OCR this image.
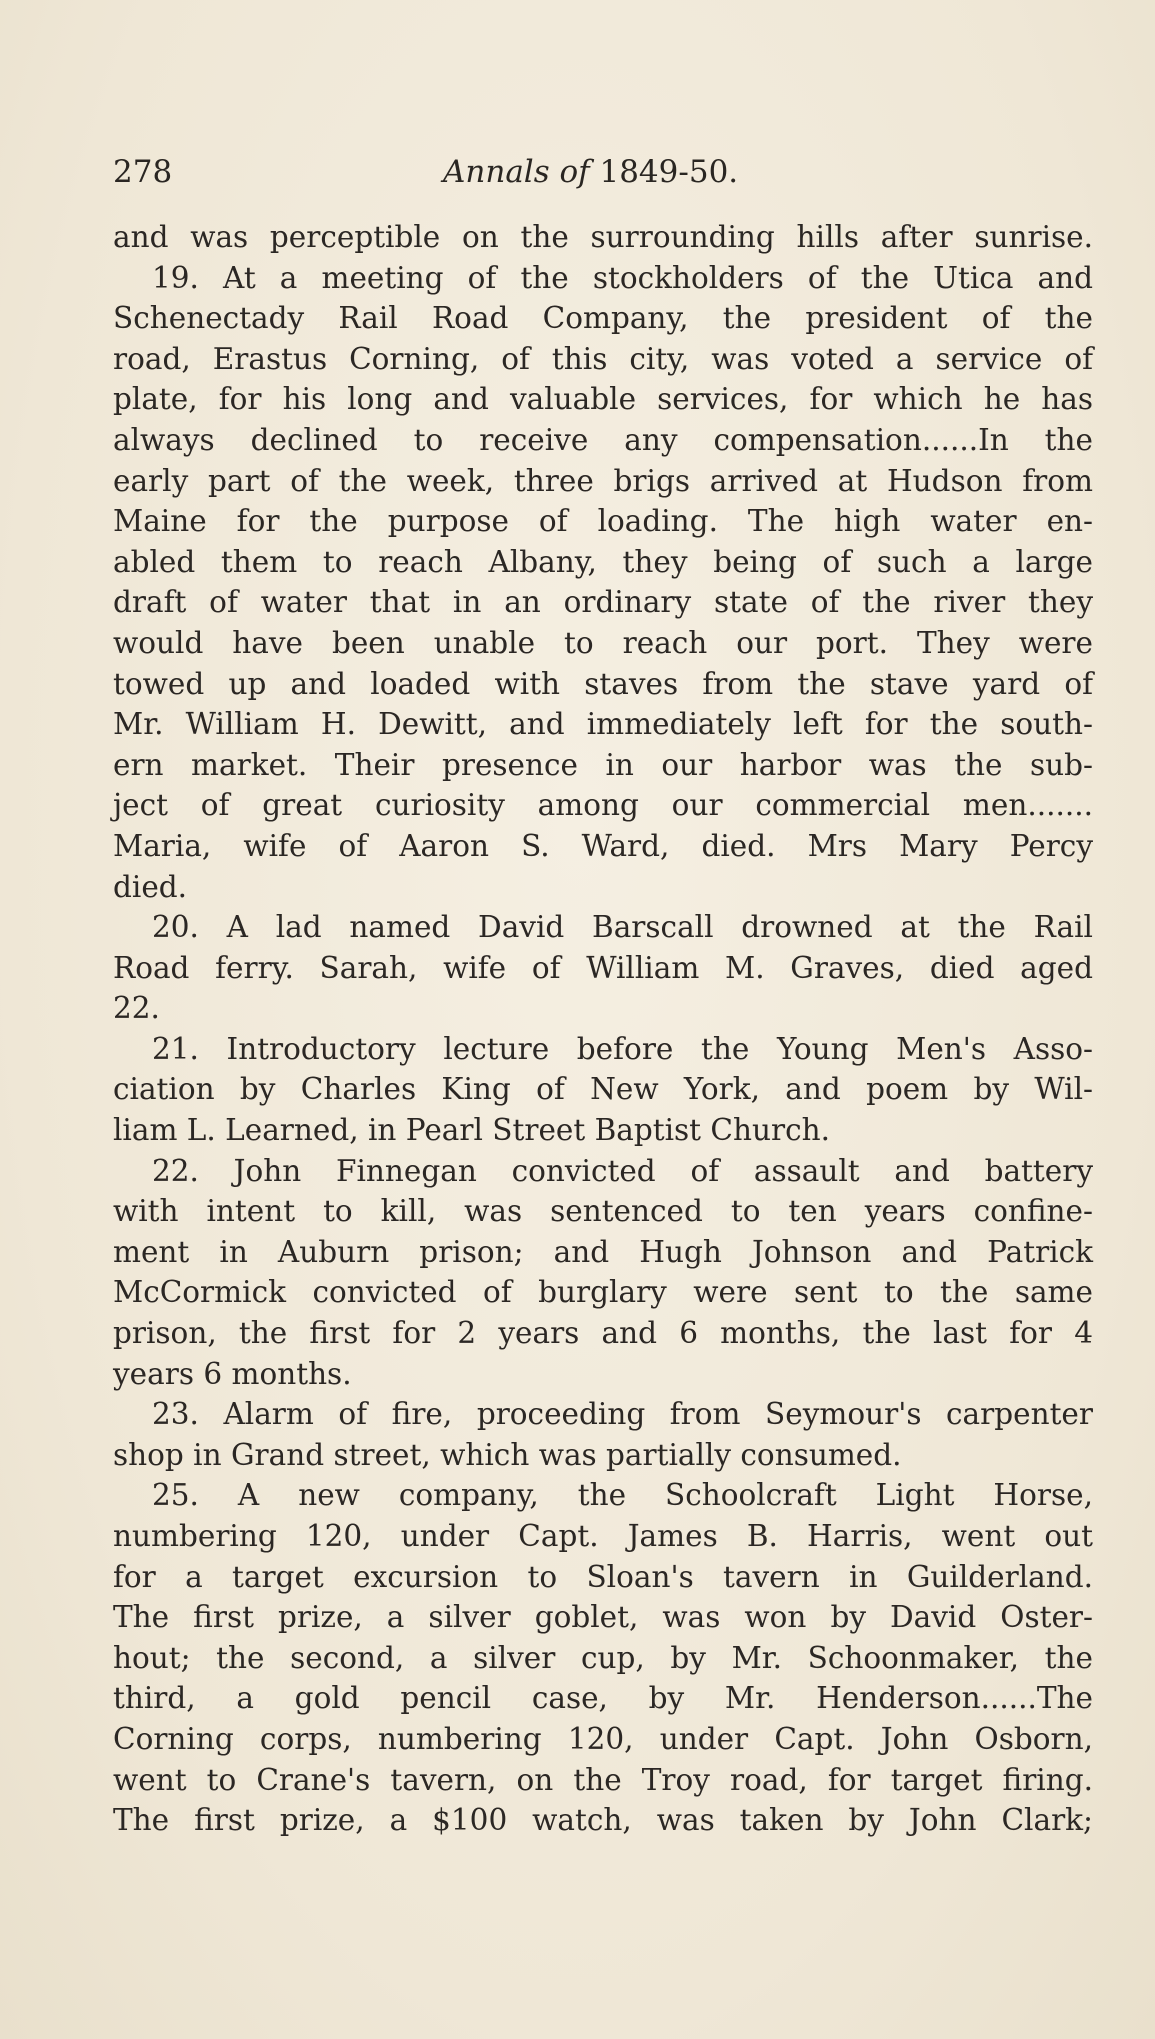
278	Annals of 1849-50.
and was perceptible on the surrounding hills after sunrise.
19. At a meeting of the stockholders of the Utica and
Schenectady Rail Road Company, the president of the
road, Erastus Corning, of this city, was voted a service of
plate, for his long and valuable services, for which he has
always declined to receive any compensation......In the
early part of the week, three brigs arrived at Hudson from
Maine for the purpose of loading. The high water en-
abled them to reach Albany, they being of such a large
draft of water that in an ordinary state of the river they
would have been unable to reach our port. They were
towed up and loaded with staves from the stave yard of
Mr. William H. Dewitt, and immediately left for the south-
ern market. Their presence in our harbor was the sub-
ject of great curiosity among our commercial men.......
Maria, wife of Aaron S. Ward, died. Mrs Mary Percy
died.
20. A lad named David Barscall drowned at the Rail
Road ferry. Sarah, wife of William M. Graves, died aged
22.
21. Introductory lecture before the Young Men's Asso-
ciation by Charles King of New York, and poem by Wil-
liam L. Learned, in Pearl Street Baptist Church.
22. John Finnegan convicted of assault and battery
with intent to kill, was sentenced to ten years confine-
ment in Auburn prison; and Hugh Johnson and Patrick
McCormick convicted of burglary were sent to the same
prison, the first for 2 years and 6 months, the last for 4
years 6 months.
23. Alarm of fire, proceeding from Seymour's carpenter
shop in Grand street, which was partially consumed.
25. A new company, the Schoolcraft Light Horse,
numbering 120, under Capt. James B. Harris, went out
for a target excursion to Sloan's tavern in Guilderland.
The first prize, a silver goblet, was won by David Oster-
hout; the second, a silver cup, by Mr. Schoonmaker, the
third, a gold pencil case, by Mr. Henderson......The
Corning corps, numbering 120, under Capt. John Osborn,
went to Crane's tavern, on the Troy road, for target firing.
The first prize, a $100 watch, was taken by John Clark;
